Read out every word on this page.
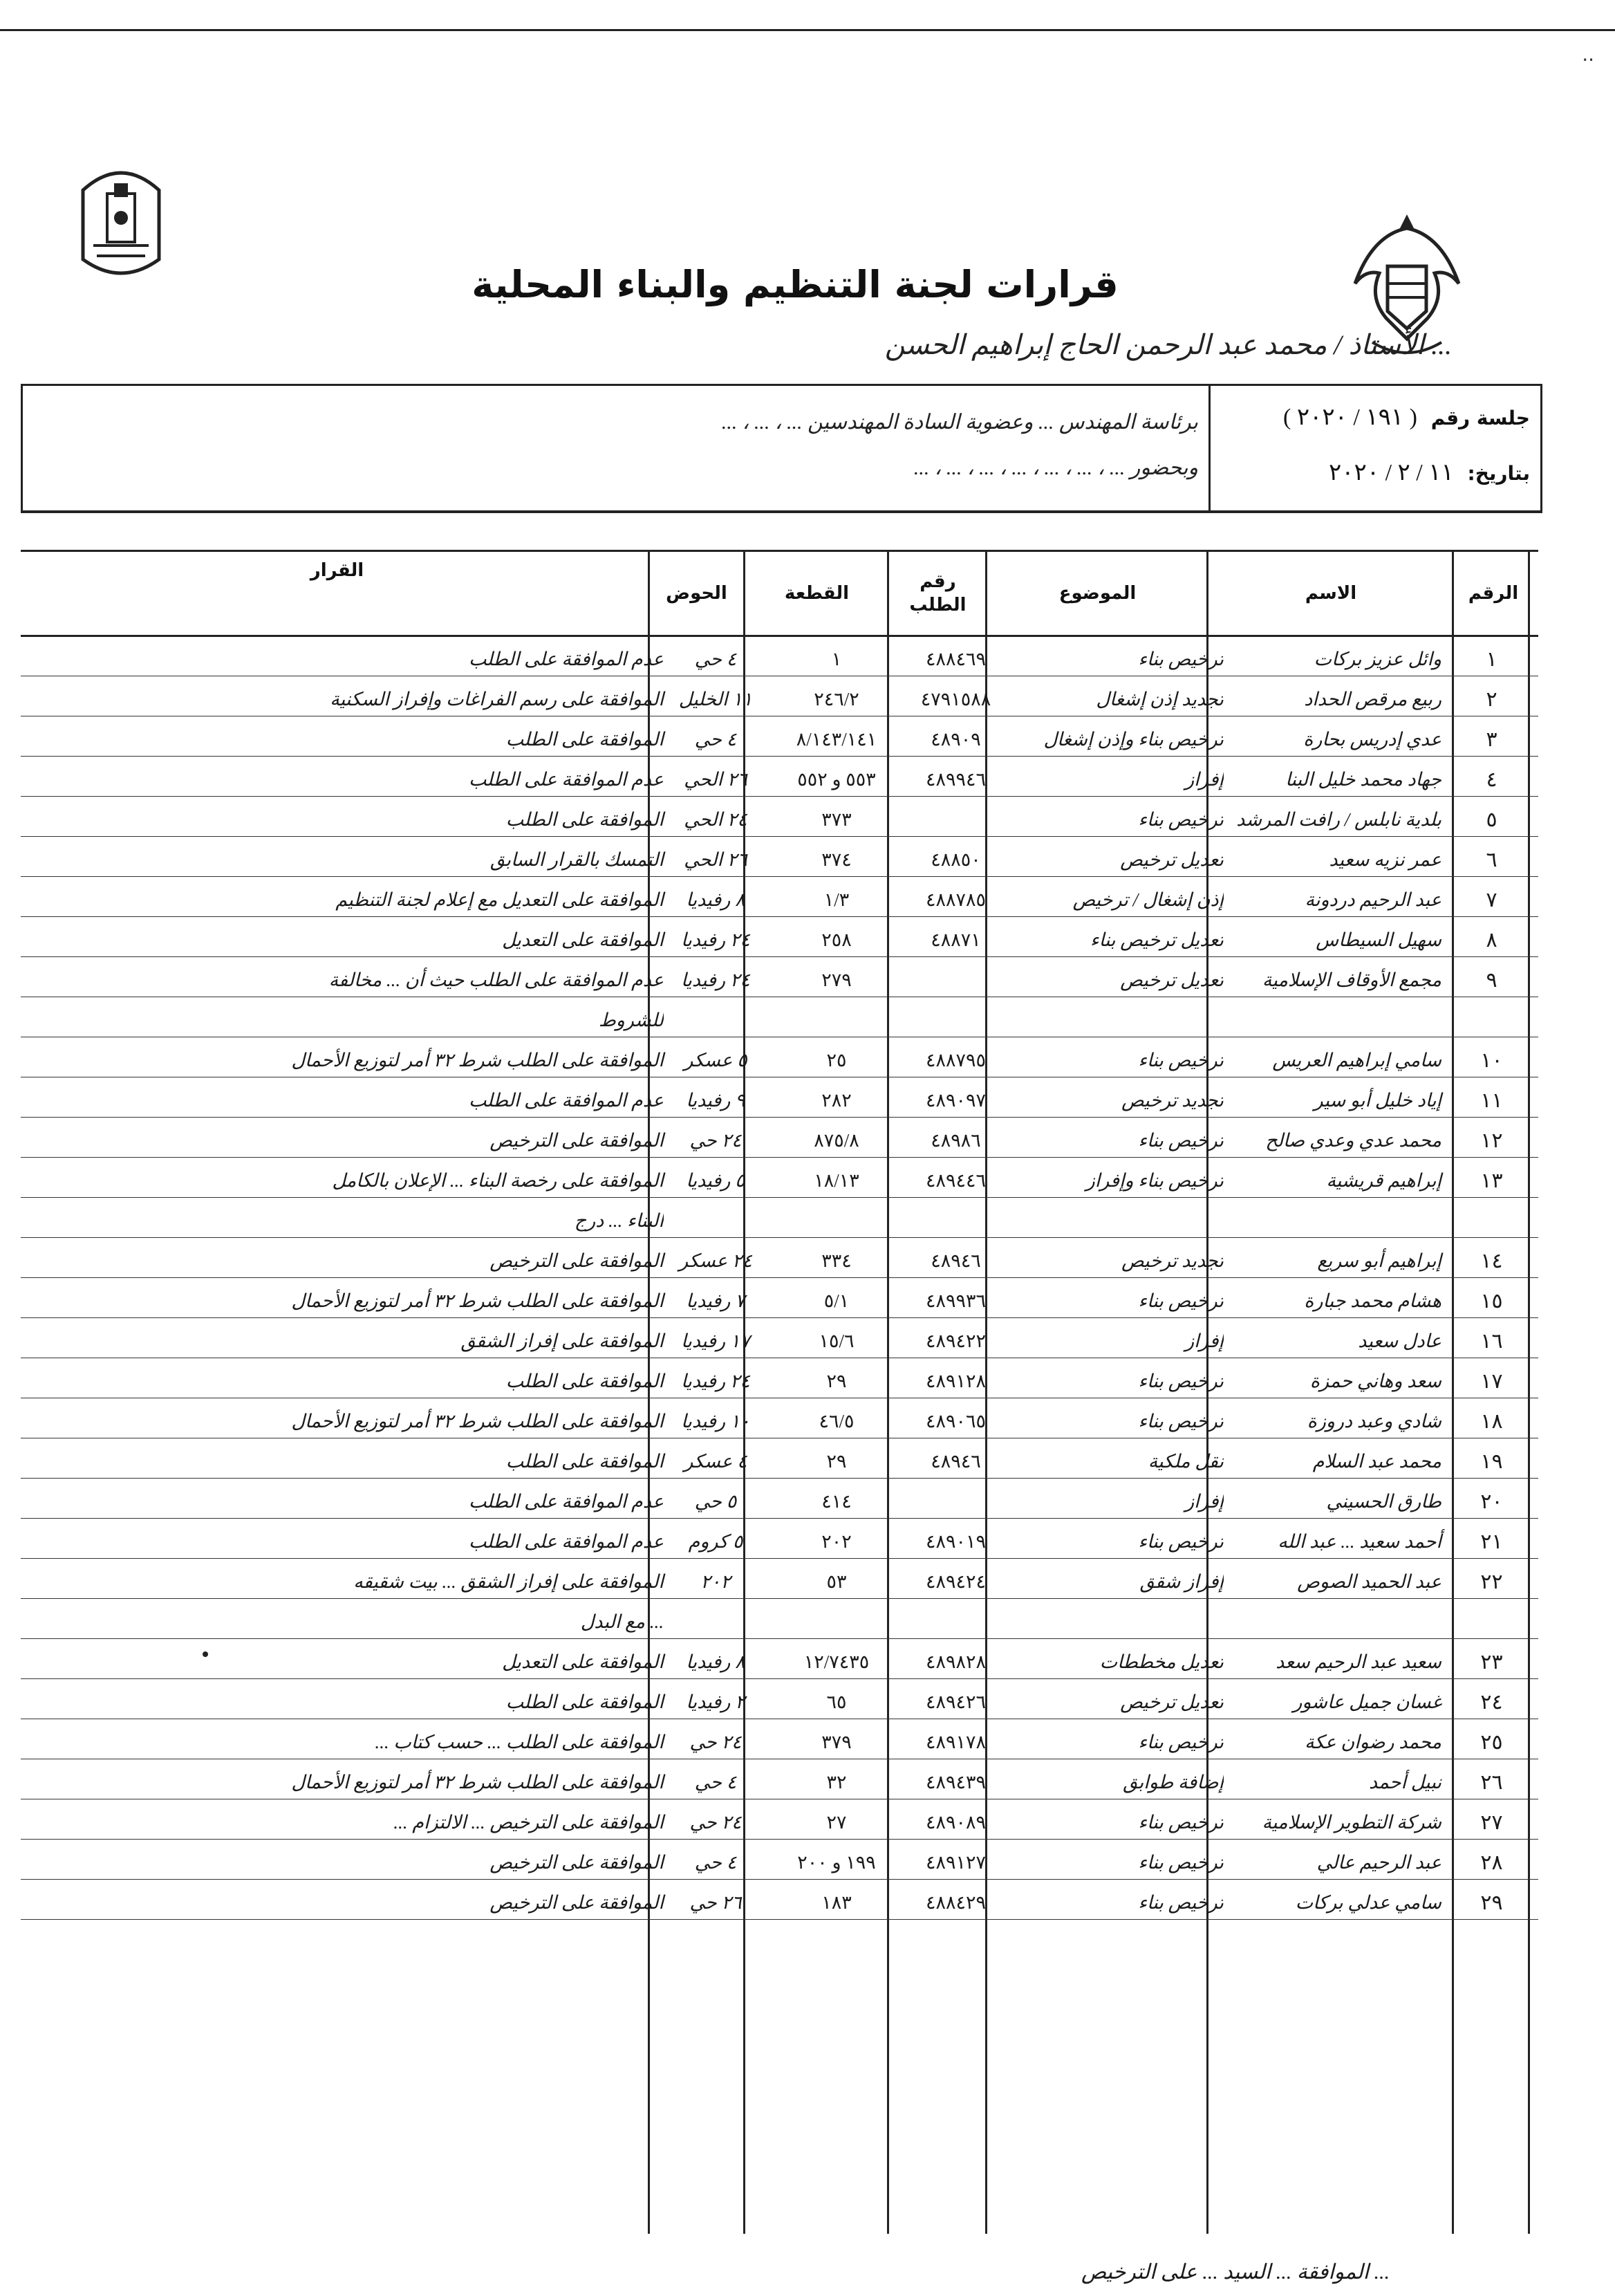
قرارات لجنة التنظيم والبناء المحلية
... الأستاذ / محمد عبد الرحمن الحاج إبراهيم الحسن
برئاسة المهندس ... وعضوية السادة المهندسين ... ، ... ، ...
وبحضور ... ، ... ، ... ، ... ، ... ، ... ، ...
جلسة رقم ( ١٩١ / ٢٠٢٠ )
بتاريخ: ١١ / ٢ / ٢٠٢٠
الرقم
الاسم
الموضوع
رقم الطلب
القطعة
الحوض
القرار
١
وائل عزيز بركات
ترخيص بناء
٤٨٨٤٦٩
١
٤ حي
عدم الموافقة على الطلب
٢
ربيع مرقص الحداد
تجديد إذن إشغال
٤٧٩١٥٨٨
٢٤٦/٢
١١ الخليل
الموافقة على رسم الفراغات وإفراز السكنية
٣
عدي إدريس بحارة
ترخيص بناء وإذن إشغال
٤٨٩٠٩
٨/١٤٣/١٤١
٤ حي
الموافقة على الطلب
٤
جهاد محمد خليل البنا
إفراز
٤٨٩٩٤٦
٥٥٣ و ٥٥٢
٢٦ الحي
عدم الموافقة على الطلب
٥
بلدية نابلس / رافت المرشد
ترخيص بناء
٣٧٣
٢٤ الحي
الموافقة على الطلب
٦
عمر نزيه سعيد
تعديل ترخيص
٤٨٨٥٠
٣٧٤
٢٦ الحي
التمسك بالقرار السابق
٧
عبد الرحيم دردونة
إذن إشغال / ترخيص
٤٨٨٧٨٥
١/٣
٨ رفيديا
الموافقة على التعديل مع إعلام لجنة التنظيم
٨
سهيل السيطاس
تعديل ترخيص بناء
٤٨٨٧١
٢٥٨
٢٤ رفيديا
الموافقة على التعديل
٩
مجمع الأوقاف الإسلامية
تعديل ترخيص
٢٧٩
٢٤ رفيديا
عدم الموافقة على الطلب حيث أن ... مخالفة
للشروط
١٠
سامي إبراهيم العريس
ترخيص بناء
٤٨٨٧٩٥
٢٥
٥ عسكر
الموافقة على الطلب شرط ٣٢ أمر لتوزيع الأحمال
١١
إياد خليل أبو سير
تجديد ترخيص
٤٨٩٠٩٧
٢٨٢
٩ رفيديا
عدم الموافقة على الطلب
١٢
محمد عدي وعدي صالح
ترخيص بناء
٤٨٩٨٦
٨٧٥/٨
٢٤ حي
الموافقة على الترخيص
١٣
إبراهيم قريشية
ترخيص بناء وإفراز
٤٨٩٤٤٦
١٨/١٣
٥ رفيديا
الموافقة على رخصة البناء ... الإعلان بالكامل
البناء ... درج
١٤
إبراهيم أبو سريع
تجديد ترخيص
٤٨٩٤٦
٣٣٤
٢٤ عسكر
الموافقة على الترخيص
١٥
هشام محمد جبارة
ترخيص بناء
٤٨٩٩٣٦
٥/١
٧ رفيديا
الموافقة على الطلب شرط ٣٢ أمر لتوزيع الأحمال
١٦
عادل سعيد
إفراز
٤٨٩٤٢٢
١٥/٦
١٧ رفيديا
الموافقة على إفراز الشقق
١٧
سعد وهاني حمزة
ترخيص بناء
٤٨٩١٢٨
٢٩
٢٤ رفيديا
الموافقة على الطلب
١٨
شادي وعبد دروزة
ترخيص بناء
٤٨٩٠٦٥
٤٦/٥
١٠ رفيديا
الموافقة على الطلب شرط ٣٢ أمر لتوزيع الأحمال
١٩
محمد عبد السلام
نقل ملكية
٤٨٩٤٦
٢٩
٤ عسكر
الموافقة على الطلب
٢٠
طارق الحسيني
إفراز
٤١٤
٥ حي
عدم الموافقة على الطلب
٢١
أحمد سعيد ... عبد الله
ترخيص بناء
٤٨٩٠١٩
٢٠٢
٥ كروم
عدم الموافقة على الطلب
٢٢
عبد الحميد الصوص
إفراز شقق
٤٨٩٤٢٤
٥٣
٢٠٢
الموافقة على إفراز الشقق ... بيت شقيقه
... مع البدل
٢٣
سعيد عبد الرحيم سعد
تعديل مخططات
٤٨٩٨٢٨
١٢/٧٤٣٥
٨ رفيديا
الموافقة على التعديل
٢٤
غسان جميل عاشور
تعديل ترخيص
٤٨٩٤٢٦
٦٥
٢ رفيديا
الموافقة على الطلب
٢٥
محمد رضوان عكة
ترخيص بناء
٤٨٩١٧٨
٣٧٩
٢٤ حي
الموافقة على الطلب ... حسب كتاب ...
٢٦
نبيل أحمد
إضافة طوابق
٤٨٩٤٣٩
٣٢
٤ حي
الموافقة على الطلب شرط ٣٢ أمر لتوزيع الأحمال
٢٧
شركة التطوير الإسلامية
ترخيص بناء
٤٨٩٠٨٩
٢٧
٢٤ حي
الموافقة على الترخيص ... الالتزام ...
٢٨
عبد الرحيم عالي
ترخيص بناء
٤٨٩١٢٧
١٩٩ و ٢٠٠
٤ حي
الموافقة على الترخيص
٢٩
سامي عدلي بركات
ترخيص بناء
٤٨٨٤٢٩
١٨٣
٢٦ حي
الموافقة على الترخيص
... الموافقة ... السيد ... على الترخيص
··
